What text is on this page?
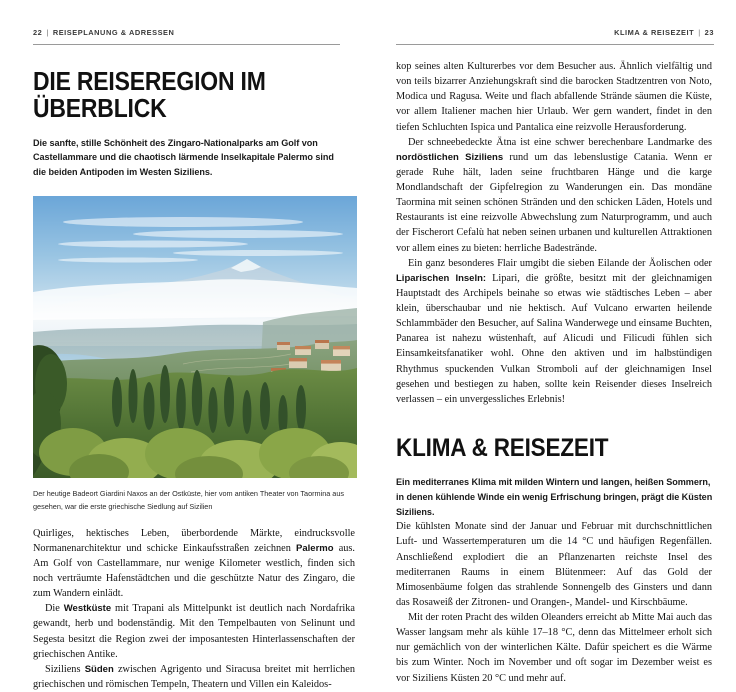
22 | REISEPLANUNG & ADRESSEN
DIE REISEREGION IM ÜBERBLICK

Die sanfte, stille Schönheit des Zingaro-Nationalparks am Golf von Castellammare und die chaotisch lärmende Inselkapitale Palermo sind die beiden Antipoden im Westen Siziliens.

Der heutige Badeort Giardini Naxos an der Ostküste, hier vom antiken Theater von Taormina aus gesehen, war die erste griechische Siedlung auf Sizilien

Quirliges, hektisches Leben, überbordende Märkte, eindrucksvolle Normanenarchitektur und schicke Einkaufsstraßen zeichnen Palermo aus. Am Golf von Castellammare, nur wenige Kilometer westlich, finden sich noch verträumte Hafenstädtchen und die geschützte Natur des Zingaro, die zum Wandern einlädt.

Die Westküste mit Trapani als Mittelpunkt ist deutlich nach Nordafrika gewandt, herb und bodenständig. Mit den Tempelbauten von Selinunt und Segesta besitzt die Region zwei der imposantesten Hinterlassenschaften der griechischen Antike.

Siziliens Süden zwischen Agrigento und Siracusa breitet mit herrlichen griechischen und römischen Tempeln, Theatern und Villen ein Kaleidos-

KLIMA & REISEZEIT | 23

kop seines alten Kulturerbes vor dem Besucher aus. Ähnlich vielfältig und von teils bizarrer Anziehungskraft sind die barocken Stadtzentren von Noto, Modica und Ragusa. Weite und flach abfallende Strände säumen die Küste, vor allem Italiener machen hier Urlaub. Wer gern wandert, findet in den tiefen Schluchten Ispica und Pantalica eine reizvolle Herausforderung.

Der schneebedeckte Ätna ist eine schwer berechenbare Landmarke des nordöstlichen Siziliens rund um das lebenslustige Catania. Wenn er gerade Ruhe hält, laden seine fruchtbaren Hänge und die karge Mondlandschaft der Gipfelregion zu Wanderungen ein. Das mondäne Taormina mit seinen schönen Stränden und den schicken Läden, Hotels und Restaurants ist eine reizvolle Abwechslung zum Naturprogramm, und auch der Fischerort Cefalù hat neben seinen urbanen und kulturellen Attraktionen vor allem eines zu bieten: herrliche Badestrände.

Ein ganz besonderes Flair umgibt die sieben Eilande der Äolischen oder Liparischen Inseln: Lipari, die größte, besitzt mit der gleichnamigen Hauptstadt des Archipels beinahe so etwas wie städtisches Leben – aber klein, überschaubar und nie hektisch. Auf Vulcano erwarten heilende Schlammbäder den Besucher, auf Salina Wanderwege und einsame Buchten, Panarea ist nahezu wüstenhaft, auf Alicudi und Filicudi fühlen sich Einsamkeitsfanatiker wohl. Ohne den aktiven und im halbstündigen Rhythmus spuckenden Vulkan Stromboli auf der gleichnamigen Insel gesehen und bestiegen zu haben, sollte kein Reisender dieses Inselreich verlassen – ein unvergessliches Erlebnis!

KLIMA & REISEZEIT

Ein mediterranes Klima mit milden Wintern und langen, heißen Sommern, in denen kühlende Winde ein wenig Erfrischung bringen, prägt die Küsten Siziliens.

Die kühlsten Monate sind der Januar und Februar mit durchschnittlichen Luft- und Wassertemperaturen um die 14 °C und häufigen Regenfällen. Anschließend explodiert die an Pflanzenarten reichste Insel des mediterranen Raums in einem Blütenmeer: Auf das Gold der Mimosenbäume folgen das strahlende Sonnengelb des Ginsters und dann das Rosaweiß der Zitronen- und Orangen-, Mandel- und Kirschbäume.

Mit der roten Pracht des wilden Oleanders erreicht ab Mitte Mai auch das Wasser langsam mehr als kühle 17–18 °C, denn das Mittelmeer erholt sich nur gemächlich von der winterlichen Kälte. Dafür speichert es die Wärme bis zum Winter. Noch im November und oft sogar im Dezember weist es vor Siziliens Küsten 20 °C und mehr auf.
